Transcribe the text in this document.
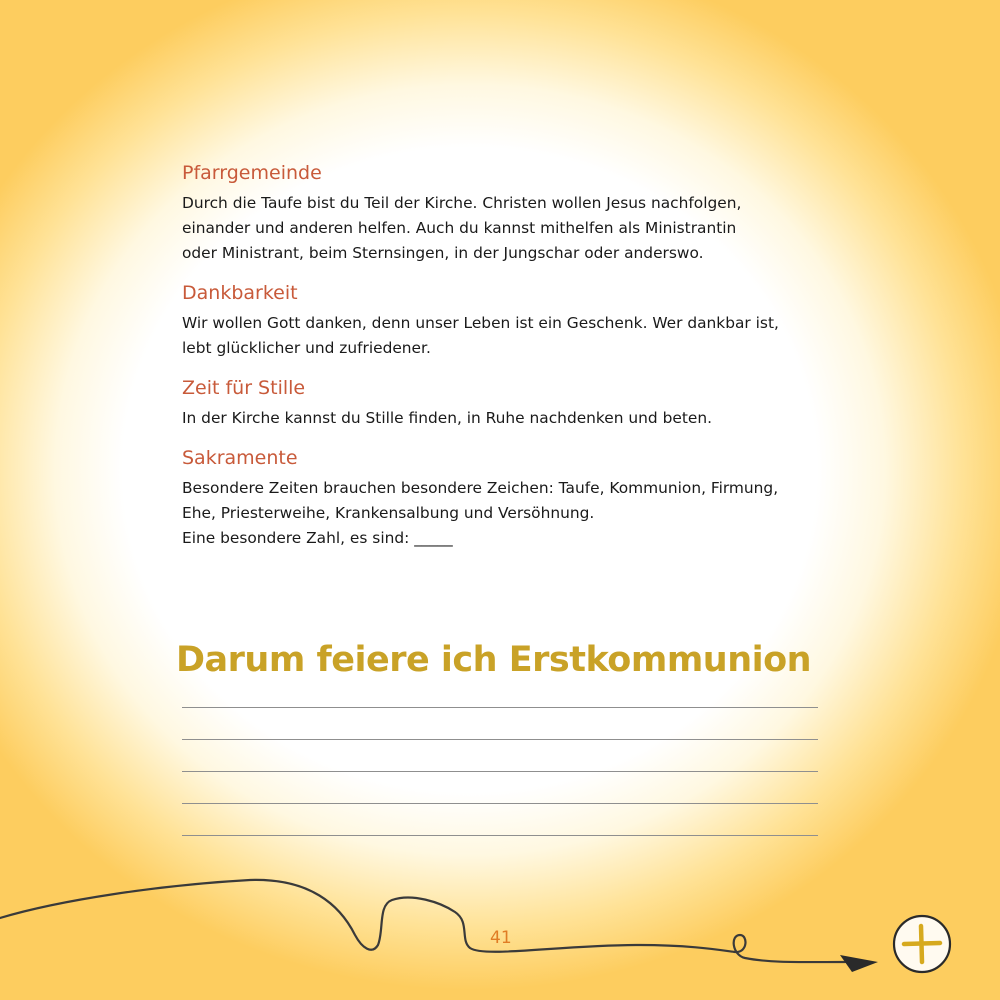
Pfarrgemeinde

Durch die Taufe bist du Teil der Kirche. Christen wollen Jesus nachfolgen,
einander und anderen helfen. Auch du kannst mithelfen als Ministrantin
oder Ministrant, beim Sternsingen, in der Jungschar oder anderswo.

Dankbarkeit

Wir wollen Gott danken, denn unser Leben ist ein Geschenk. Wer dankbar ist,
lebt glücklicher und zufriedener.

Zeit für Stille

In der Kirche kannst du Stille finden, in Ruhe nachdenken und beten.

Sakramente

Besondere Zeiten brauchen besondere Zeichen: Taufe, Kommunion, Firmung,
Ehe, Priesterweihe, Krankensalbung und Versöhnung.
Eine besondere Zahl, es sind: _____

Darum feiere ich Erstkommunion
41
